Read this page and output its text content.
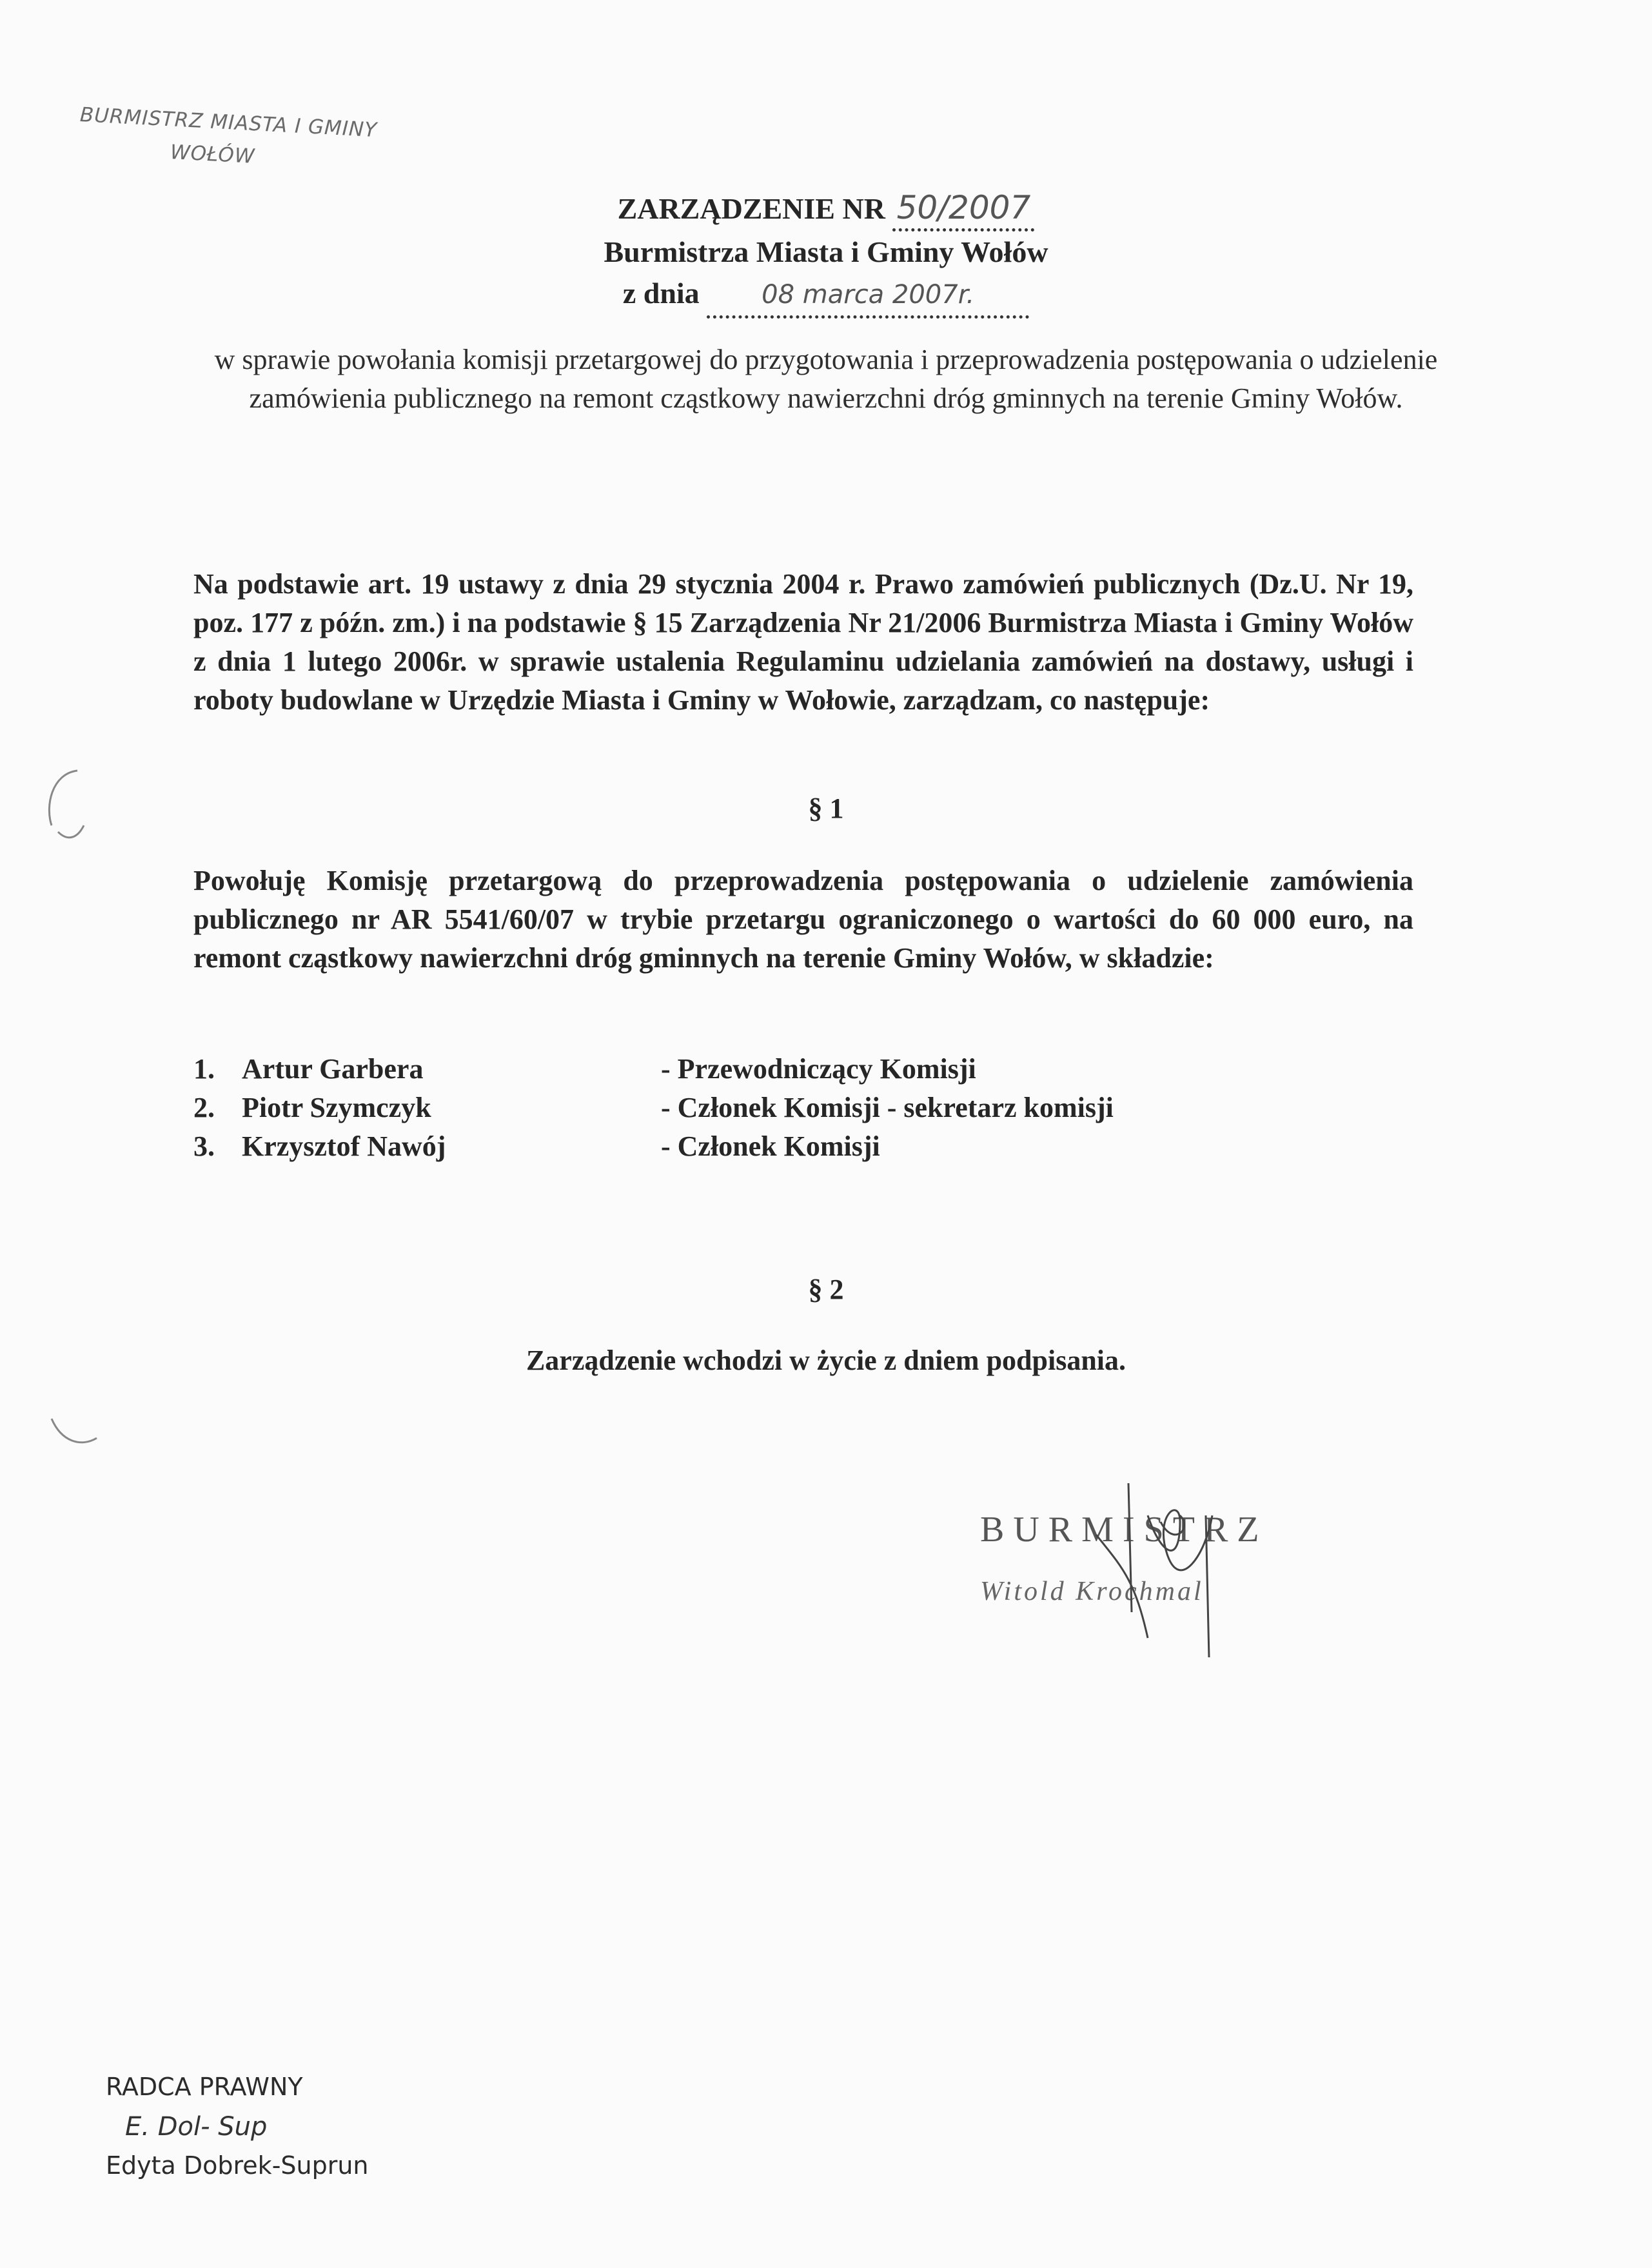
BURMISTRZ MIASTA I GMINY
WOŁÓW
ZARZĄDZENIE NR 50/2007
Burmistrza Miasta i Gminy Wołów
z dnia 08 marca 2007r.
w sprawie powołania komisji przetargowej do przygotowania i przeprowadzenia postępowania o udzielenie zamówienia publicznego na remont cząstkowy nawierzchni dróg gminnych na terenie Gminy Wołów.
Na podstawie art. 19 ustawy z dnia 29 stycznia 2004 r. Prawo zamówień publicznych (Dz.U. Nr 19, poz. 177 z późn. zm.) i na podstawie § 15 Zarządzenia Nr 21/2006 Burmistrza Miasta i Gminy Wołów z dnia 1 lutego 2006r. w sprawie ustalenia Regulaminu udzielania zamówień na dostawy, usługi i roboty budowlane w Urzędzie Miasta i Gminy w Wołowie, zarządzam, co następuje:
§ 1
Powołuję Komisję przetargową do przeprowadzenia postępowania o udzielenie zamówienia publicznego nr AR 5541/60/07 w trybie przetargu ograniczonego o wartości do 60 000 euro, na remont cząstkowy nawierzchni dróg gminnych na terenie Gminy Wołów, w składzie:
1. Artur Garbera	- Przewodniczący Komisji
2. Piotr Szymczyk	- Członek Komisji - sekretarz komisji
3. Krzysztof Nawój	- Członek Komisji
§ 2
Zarządzenie wchodzi w życie z dniem podpisania.
BURMISTRZ
Witold Krochmal
RADCA PRAWNY
E. Dol- Sup
Edyta Dobrek-Suprun
